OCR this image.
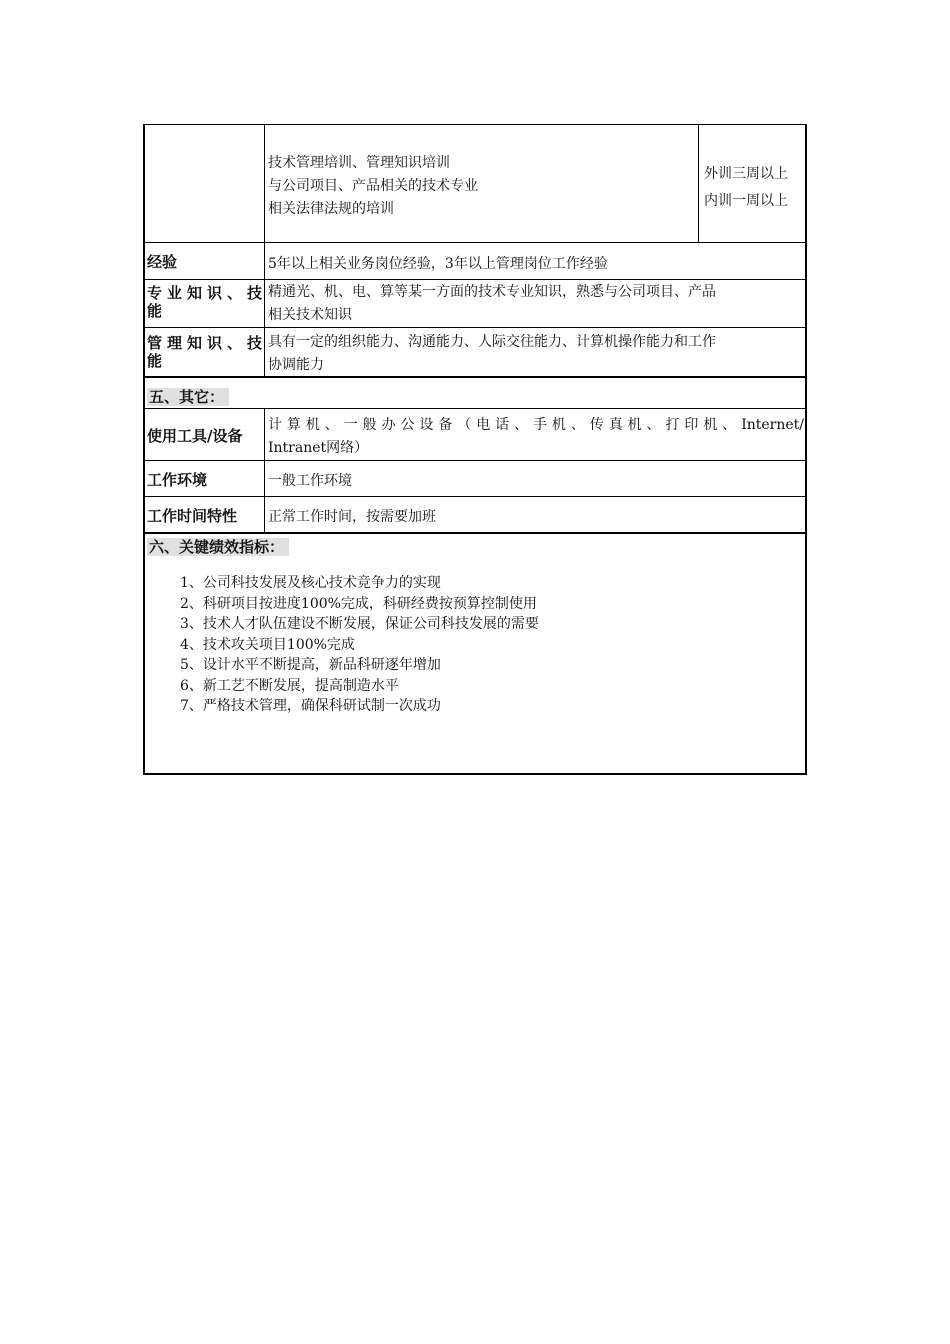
技术管理培训、管理知识培训
与公司项目、产品相关的技术专业
相关法律法规的培训
外训三周以上
内训一周以上
经验	5年以上相关业务岗位经验，3年以上管理岗位工作经验
专业知识、技
能
精通光、机、电、算等某一方面的技术专业知识，熟悉与公司项目、产品
相关技术知识
管理知识、技
能
具有一定的组织能力、沟通能力、人际交往能力、计算机操作能力和工作
协调能力
五、其它：
使用工具/设备
计算机、一般办公设备（电话、手机、传真机、打印机、Internet/
Intranet网络）
工作环境	一般工作环境
工作时间特性 正常工作时间，按需要加班
六、关键绩效指标：
1、公司科技发展及核心技术竞争力的实现
2、科研项目按进度100%完成，科研经费按预算控制使用
3、技术人才队伍建设不断发展，保证公司科技发展的需要
4、技术攻关项目100%完成
5、设计水平不断提高，新品科研逐年增加
6、新工艺不断发展，提高制造水平
7、严格技术管理，确保科研试制一次成功
